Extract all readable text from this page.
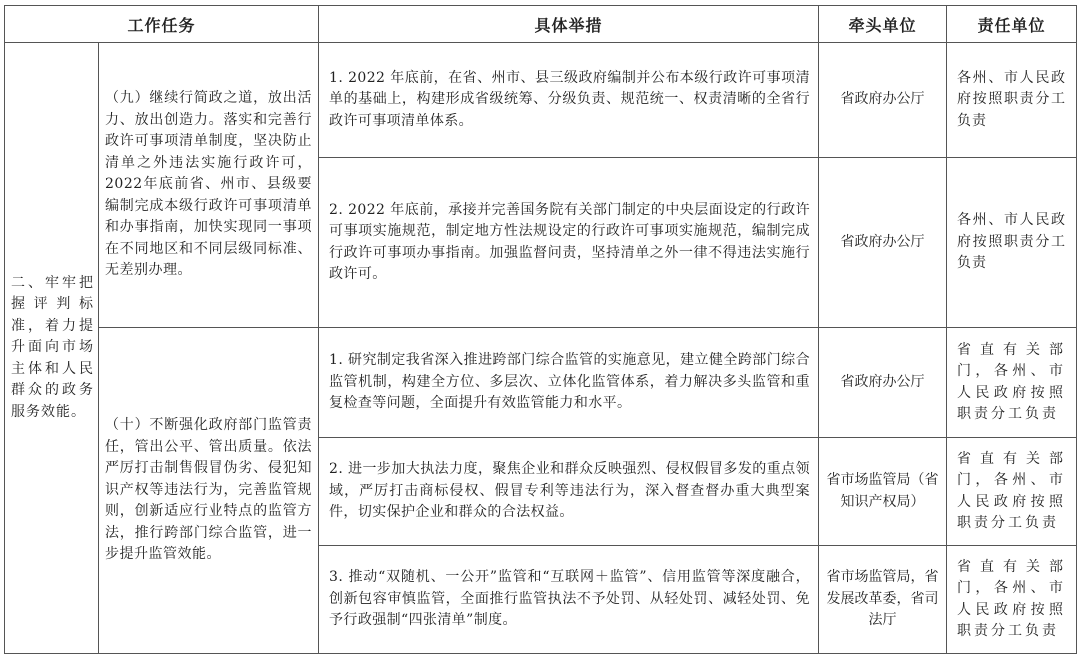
工作任务		具体举措	牵头单位	责任单位
二、牢牢把握评判标准，着力提升面向市场主体和人民群众的政务服务效能。	（九）继续行简政之道，放出活力、放出创造力。落实和完善行政许可事项清单制度，坚决防止清单之外违法实施行政许可，2022年底前省、州市、县级要编制完成本级行政许可事项清单和办事指南，加快实现同一事项在不同地区和不同层级同标准、无差别办理。	1. 2022 年底前，在省、州市、县三级政府编制并公布本级行政许可事项清单的基础上，构建形成省级统筹、分级负责、规范统一、权责清晰的全省行政许可事项清单体系。	省政府办公厅	各州、市人民政府按照职责分工负责
		2. 2022 年底前，承接并完善国务院有关部门制定的中央层面设定的行政许可事项实施规范，制定地方性法规设定的行政许可事项实施规范，编制完成行政许可事项办事指南。加强监督问责，坚持清单之外一律不得违法实施行政许可。	省政府办公厅	各州、市人民政府按照职责分工负责
	（十）不断强化政府部门监管责任，管出公平、管出质量。依法严厉打击制售假冒伪劣、侵犯知识产权等违法行为，完善监管规则，创新适应行业特点的监管方法，推行跨部门综合监管，进一步提升监管效能。	1. 研究制定我省深入推进跨部门综合监管的实施意见，建立健全跨部门综合监管机制，构建全方位、多层次、立体化监管体系，着力解决多头监管和重复检查等问题，全面提升有效监管能力和水平。	省政府办公厅	省直有关部门，各州、市人民政府按照职责分工负责
		2. 进一步加大执法力度，聚焦企业和群众反映强烈、侵权假冒多发的重点领域，严厉打击商标侵权、假冒专利等违法行为，深入督查督办重大典型案件，切实保护企业和群众的合法权益。	省市场监管局（省知识产权局）	省直有关部门，各州、市人民政府按照职责分工负责
		3. 推动“双随机、一公开”监管和“互联网＋监管”、信用监管等深度融合，创新包容审慎监管，全面推行监管执法不予处罚、从轻处罚、减轻处罚、免予行政强制“四张清单”制度。	省市场监管局，省发展改革委，省司法厅	省直有关部门，各州、市人民政府按照职责分工负责
